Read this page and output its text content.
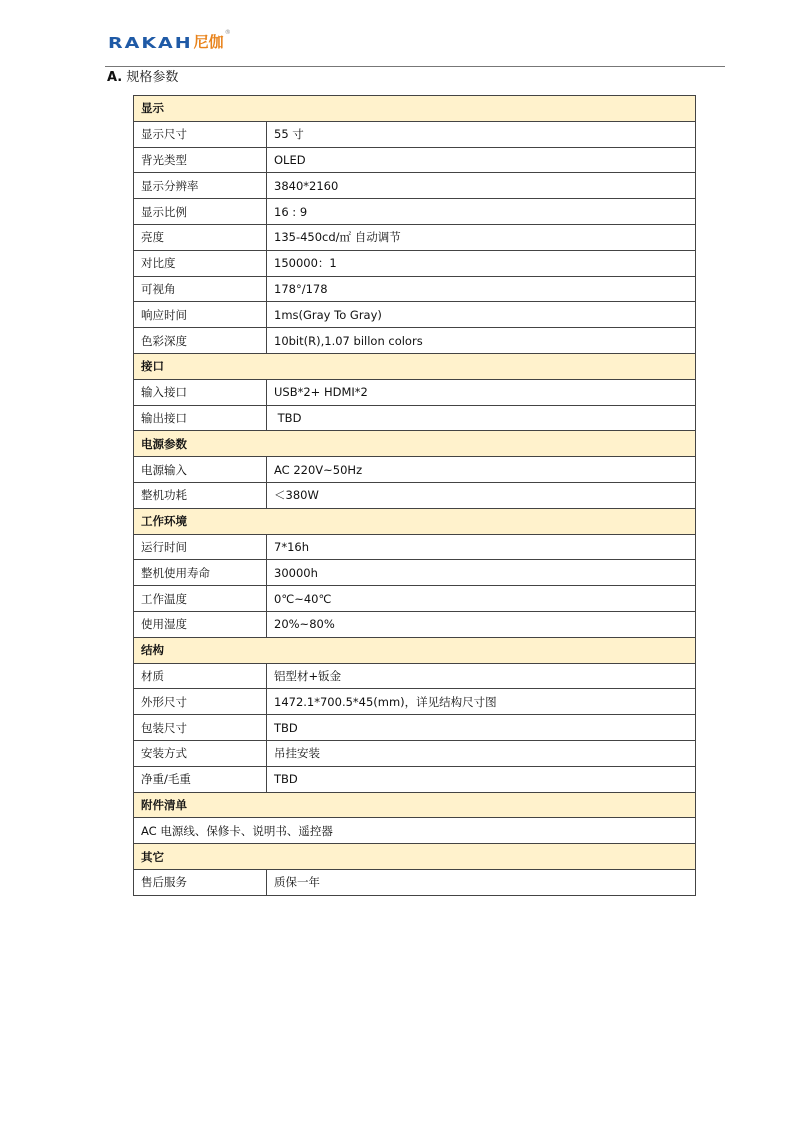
RAKAH 尼伽
®
A. 规格参数
显示	
显示尺寸	55 寸
背光类型	OLED
显示分辨率	3840*2160
显示比例	16 : 9
亮度	135-450cd/㎡ 自动调节
对比度	150000：1
可视角	178°/178
响应时间	1ms(Gray To Gray)
色彩深度	10bit(R),1.07 billon colors
接口	
输入接口	USB*2+ HDMI*2
输出接口	TBD
电源参数	
电源输入	AC 220V~50Hz
整机功耗	＜380W
工作环境	
运行时间	7*16h
整机使用寿命	30000h
工作温度	0℃~40℃
使用湿度	20%~80%
结构	
材质	铝型材+钣金
外形尺寸	1472.1*700.5*45(mm)，详见结构尺寸图
包装尺寸	TBD
安装方式	吊挂安装
净重/毛重	TBD
附件清单	
AC 电源线、保修卡、说明书、遥控器	
其它	
售后服务	质保一年
